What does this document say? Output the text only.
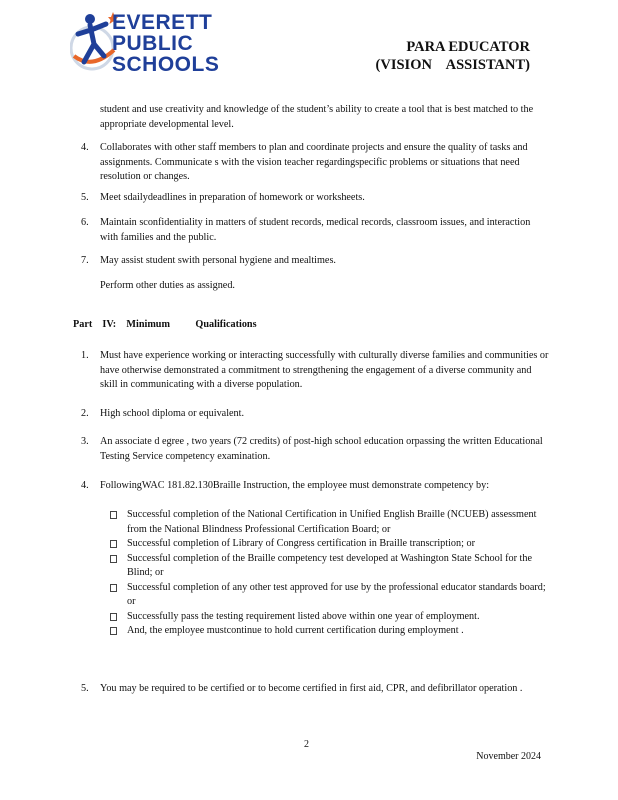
EVERETT
PUBLIC
SCHOOLS
PARA EDUCATOR
(VISION    ASSISTANT)
student and use creativity and knowledge of the student’s ability to create a tool that is best matched to the appropriate developmental level.
4. Collaborates with other staff members to plan and coordinate projects and ensure the quality of tasks and assignments. Communicate s with the vision teacher regardingspecific problems or situations that need resolution or changes.
5. Meet sdailydeadlines in preparation of homework or worksheets.
6. Maintain sconfidentiality in matters of student records, medical records, classroom issues, and interaction with families and the public.
7. May assist student swith personal hygiene and mealtimes.
Perform other duties as assigned.
Part    IV:    Minimum          Qualifications
1. Must have experience working or interacting successfully with culturally diverse families and communities or have otherwise demonstrated a commitment to strengthening the engagement of a diverse community and skill in communicating with a diverse population.
2. High school diploma or equivalent.
3. An associate d egree , two years (72 credits) of post-high school education orpassing the written Educational Testing Service competency examination.
4. FollowingWAC 181.82.130Braille Instruction, the employee must demonstrate competency by:
Successful completion of the National Certification in Unified English Braille (NCUEB) assessment from the National Blindness Professional Certification Board; or
Successful completion of Library of Congress certification in Braille transcription; or
Successful completion of the Braille competency test developed at Washington State School for the Blind; or
Successful completion of any other test approved for use by the professional educator standards board; or
Successfully pass the testing requirement listed above within one year of employment.
And, the employee mustcontinue to hold current certification during employment .
5. You may be required to be certified or to become certified in first aid, CPR, and defibrillator operation .
2
November 2024
